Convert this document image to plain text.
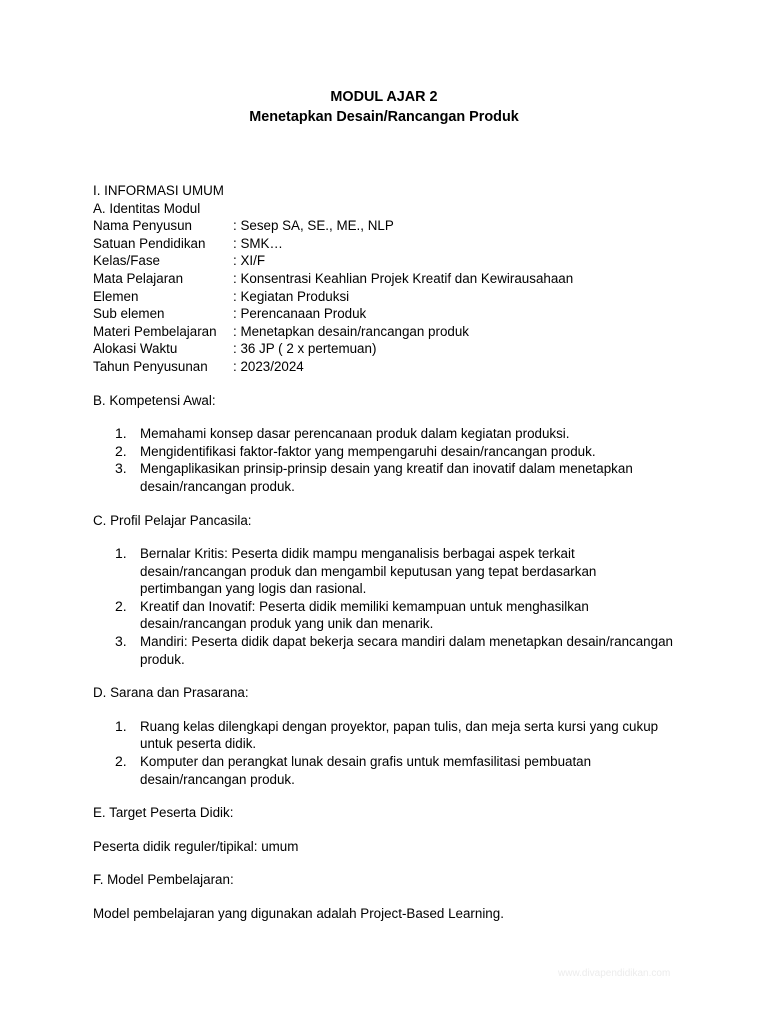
MODUL AJAR 2
Menetapkan Desain/Rancangan Produk
I. INFORMASI UMUM
A. Identitas Modul
Nama Penyusun	: Sesep SA, SE., ME., NLP
Satuan Pendidikan	: SMK…
Kelas/Fase	: XI/F
Mata Pelajaran	: Konsentrasi Keahlian Projek Kreatif dan Kewirausahaan
Elemen	: Kegiatan Produksi
Sub elemen	: Perencanaan Produk
Materi Pembelajaran	: Menetapkan desain/rancangan produk
Alokasi Waktu	: 36 JP ( 2 x pertemuan)
Tahun Penyusunan	: 2023/2024
B. Kompetensi Awal:
1. Memahami konsep dasar perencanaan produk dalam kegiatan produksi.
2. Mengidentifikasi faktor-faktor yang mempengaruhi desain/rancangan produk.
3. Mengaplikasikan prinsip-prinsip desain yang kreatif dan inovatif dalam menetapkan desain/rancangan produk.
C. Profil Pelajar Pancasila:
1. Bernalar Kritis: Peserta didik mampu menganalisis berbagai aspek terkait desain/rancangan produk dan mengambil keputusan yang tepat berdasarkan pertimbangan yang logis dan rasional.
2. Kreatif dan Inovatif: Peserta didik memiliki kemampuan untuk menghasilkan desain/rancangan produk yang unik dan menarik.
3. Mandiri: Peserta didik dapat bekerja secara mandiri dalam menetapkan desain/rancangan produk.
D. Sarana dan Prasarana:
1. Ruang kelas dilengkapi dengan proyektor, papan tulis, dan meja serta kursi yang cukup untuk peserta didik.
2. Komputer dan perangkat lunak desain grafis untuk memfasilitasi pembuatan desain/rancangan produk.
E. Target Peserta Didik:
Peserta didik reguler/tipikal: umum
F. Model Pembelajaran:
Model pembelajaran yang digunakan adalah Project-Based Learning.
www.divapendidikan.com
